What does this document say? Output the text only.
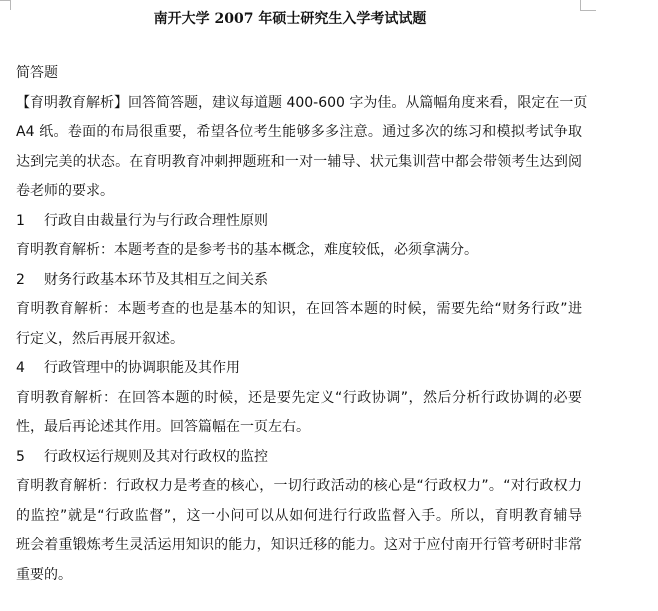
南开大学 2007 年硕士研究生入学考试试题
简答题
【育明教育解析】回答简答题，建议每道题 400-600 字为佳。从篇幅角度来看，限定在一页
A4 纸。卷面的布局很重要，希望各位考生能够多多注意。通过多次的练习和模拟考试争取
达到完美的状态。在育明教育冲刺押题班和一对一辅导、状元集训营中都会带领考生达到阅
卷老师的要求。
1 行政自由裁量行为与行政合理性原则
育明教育解析：本题考查的是参考书的基本概念，难度较低，必须拿满分。
2 财务行政基本环节及其相互之间关系
育明教育解析：本题考查的也是基本的知识，在回答本题的时候，需要先给“财务行政”进
行定义，然后再展开叙述。
4 行政管理中的协调职能及其作用
育明教育解析：在回答本题的时候，还是要先定义“行政协调”，然后分析行政协调的必要
性，最后再论述其作用。回答篇幅在一页左右。
5 行政权运行规则及其对行政权的监控
育明教育解析：行政权力是考查的核心，一切行政活动的核心是“行政权力”。“对行政权力
的监控”就是“行政监督”，这一小问可以从如何进行行政监督入手。所以，育明教育辅导
班会着重锻炼考生灵活运用知识的能力，知识迁移的能力。这对于应付南开行管考研时非常
重要的。
